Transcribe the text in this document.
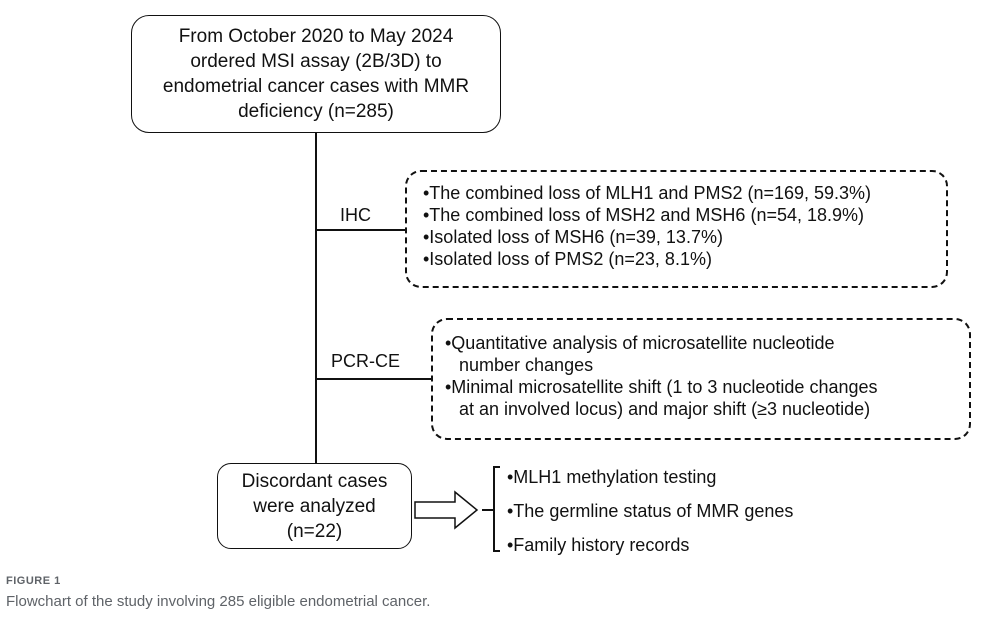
From October 2020 to May 2024
ordered MSI assay (2B/3D) to
endometrial cancer cases with MMR
deficiency (n=285)
IHC
•The combined loss of MLH1 and PMS2 (n=169, 59.3%)
•The combined loss of MSH2 and MSH6 (n=54, 18.9%)
•Isolated loss of MSH6 (n=39, 13.7%)
•Isolated loss of PMS2 (n=23, 8.1%)
PCR-CE
•Quantitative analysis of microsatellite nucleotide
number changes
•Minimal microsatellite shift (1 to 3 nucleotide changes
at an involved locus) and major shift (≥3 nucleotide)
Discordant cases
were analyzed
(n=22)
•MLH1 methylation testing
•The germline status of MMR genes
•Family history records
FIGURE 1
Flowchart of the study involving 285 eligible endometrial cancer.
